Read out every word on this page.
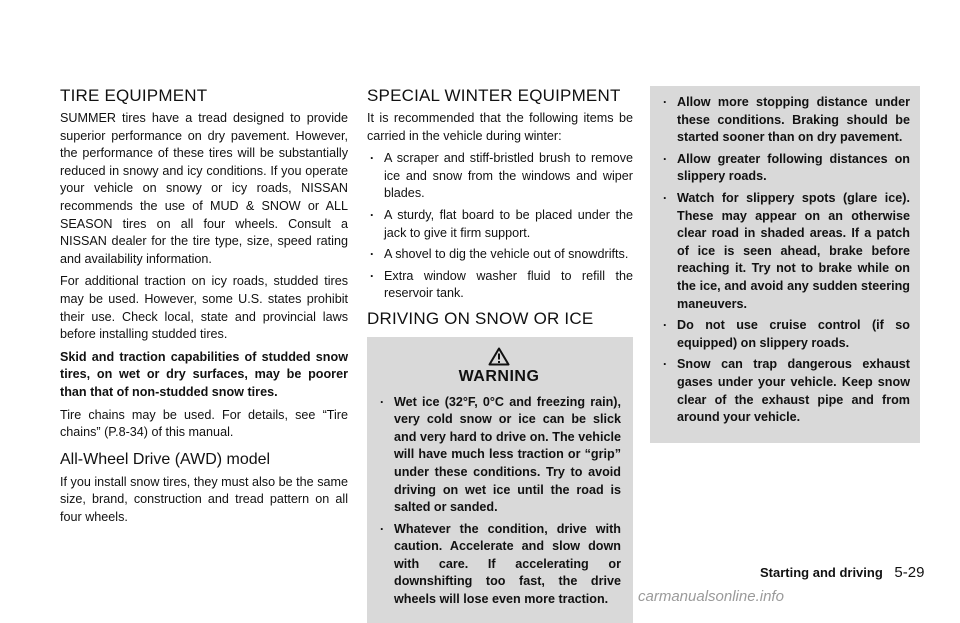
TIRE EQUIPMENT

SUMMER tires have a tread designed to provide superior performance on dry pavement. However, the performance of these tires will be substantially reduced in snowy and icy conditions. If you operate your vehicle on snowy or icy roads, NISSAN recommends the use of MUD & SNOW or ALL SEASON tires on all four wheels. Consult a NISSAN dealer for the tire type, size, speed rating and availability information.

For additional traction on icy roads, studded tires may be used. However, some U.S. states prohibit their use. Check local, state and provincial laws before installing studded tires.

Skid and traction capabilities of studded snow tires, on wet or dry surfaces, may be poorer than that of non-studded snow tires.

Tire chains may be used. For details, see “Tire chains” (P.8-34) of this manual.

All-Wheel Drive (AWD) model

If you install snow tires, they must also be the same size, brand, construction and tread pattern on all four wheels.

SPECIAL WINTER EQUIPMENT

It is recommended that the following items be carried in the vehicle during winter:

. A scraper and stiff-bristled brush to remove ice and snow from the windows and wiper blades.
. A sturdy, flat board to be placed under the jack to give it firm support.
. A shovel to dig the vehicle out of snowdrifts.
. Extra window washer fluid to refill the reservoir tank.
DRIVING ON SNOW OR ICE
WARNING
. Wet ice (32°F, 0°C and freezing rain), very cold snow or ice can be slick and very hard to drive on. The vehicle will have much less traction or “grip” under these conditions. Try to avoid driving on wet ice until the road is salted or sanded.
. Whatever the condition, drive with caution. Accelerate and slow down with care. If accelerating or downshifting too fast, the drive wheels will lose even more traction.
. Allow more stopping distance under these conditions. Braking should be started sooner than on dry pavement.
. Allow greater following distances on slippery roads.
. Watch for slippery spots (glare ice). These may appear on an otherwise clear road in shaded areas. If a patch of ice is seen ahead, brake before reaching it. Try not to brake while on the ice, and avoid any sudden steering maneuvers.
. Do not use cruise control (if so equipped) on slippery roads.
. Snow can trap dangerous exhaust gases under your vehicle. Keep snow clear of the exhaust pipe and from around your vehicle.
Starting and driving 5-29
carmanualsonline.info
